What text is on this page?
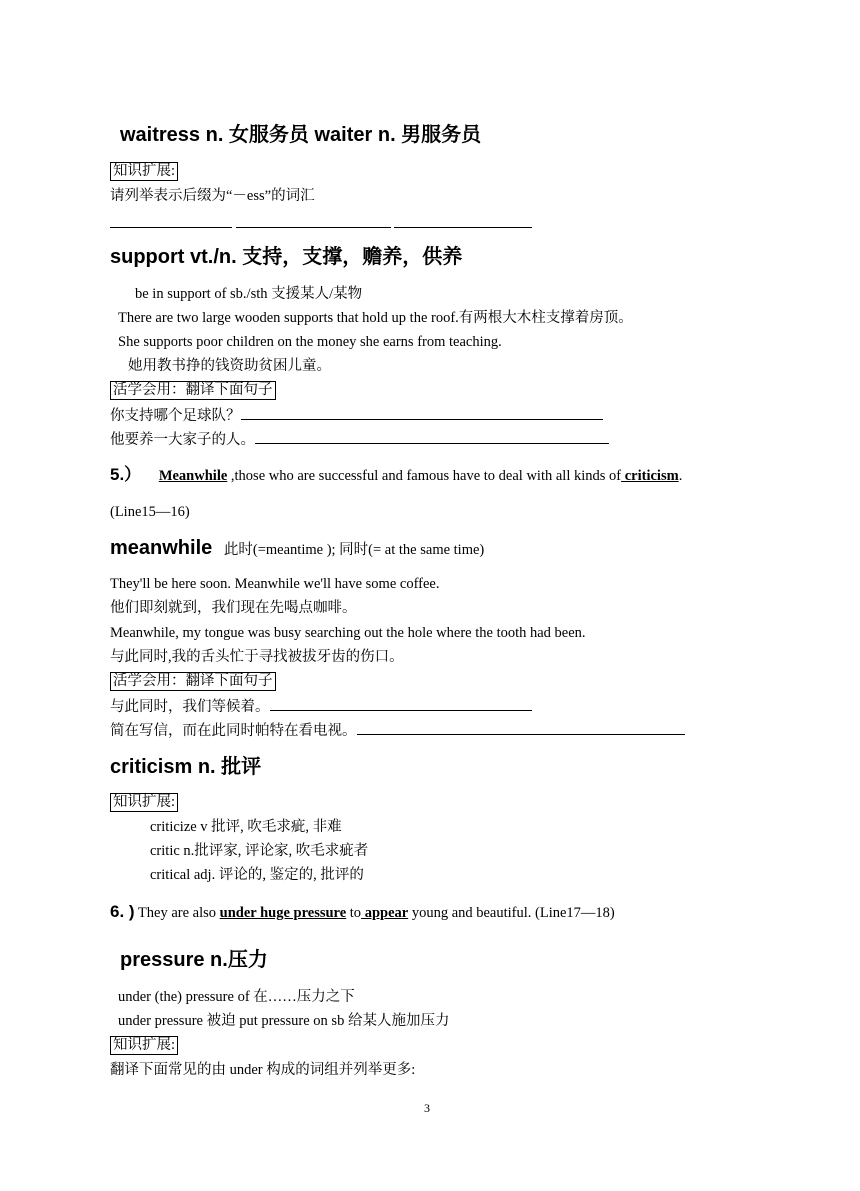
waitress n. 女服务员 waiter n. 男服务员
知识扩展:
请列举表示后缀为“－ess”的词汇

support vt./n. 支持，支撑，赡养，供养
be in support of sb./sth 支援某人/某物
There are two large wooden supports that hold up the roof.有两根大木柱支撑着房顶。
She supports poor children on the money she earns from teaching.
她用教书挣的钱资助贫困儿童。
活学会用：翻译下面句子
你支持哪个足球队？
他要养一大家子的人。
5.） Meanwhile ,those who are successful and famous have to deal with all kinds of criticism.
(Line15—16)
meanwhile 此时(=meantime ); 同时(= at the same time)
They'll be here soon. Meanwhile we'll have some coffee.
他们即刻就到，我们现在先喝点咖啡。
Meanwhile, my tongue was busy searching out the hole where the tooth had been.
与此同时,我的舌头忙于寻找被拔牙齿的伤口。
活学会用：翻译下面句子
与此同时，我们等候着。
简在写信，而在此同时帕特在看电视。
criticism n. 批评
知识扩展:
criticize v 批评, 吹毛求疵, 非难
critic n.批评家, 评论家, 吹毛求疵者
critical adj. 评论的, 鉴定的, 批评的
6. ) They are also under huge pressure to appear young and beautiful. (Line17—18)
pressure n.压力
under (the) pressure of 在……压力之下
under pressure 被迫 put pressure on sb 给某人施加压力
知识扩展:
翻译下面常见的由 under 构成的词组并列举更多:
3
